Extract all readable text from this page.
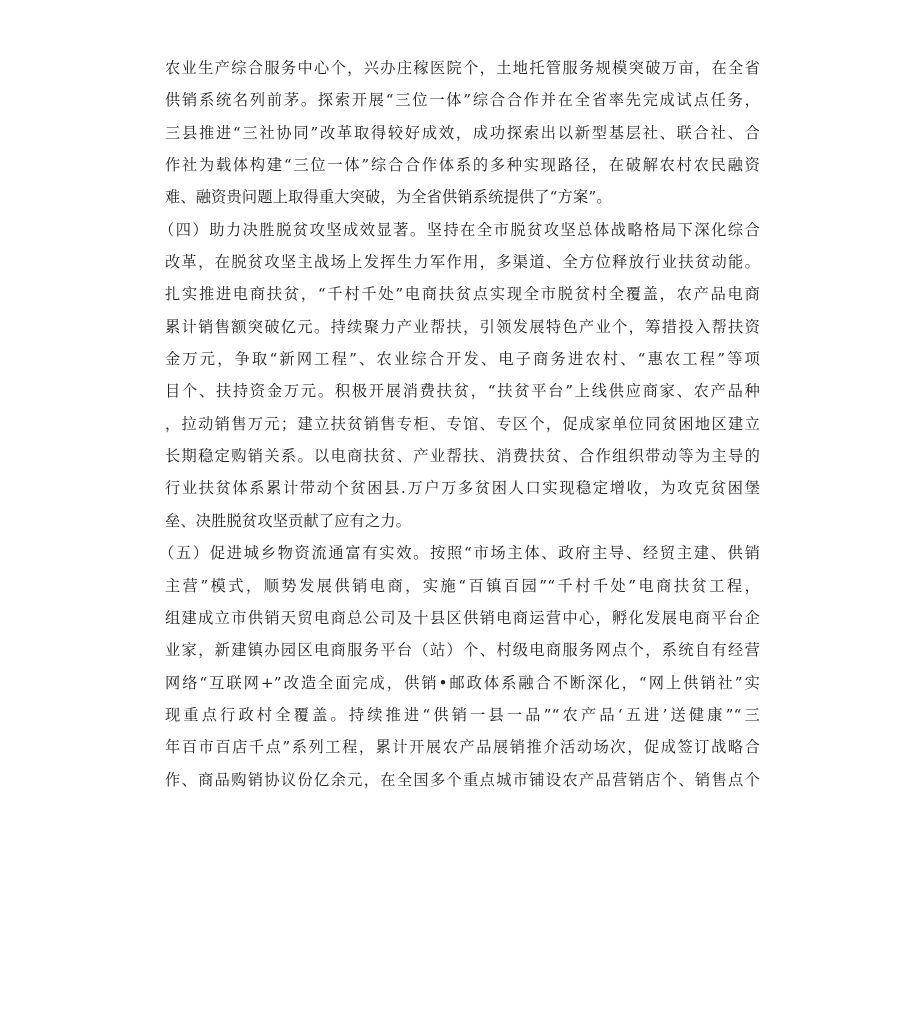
农业生产综合服务中心个，兴办庄稼医院个，土地托管服务规模突破万亩，在全省
供销系统名列前茅。探索开展“三位一体”综合合作并在全省率先完成试点任务，
三县推进“三社协同”改革取得较好成效，成功探索出以新型基层社、联合社、合
作社为载体构建“三位一体”综合合作体系的多种实现路径，在破解农村农民融资
难、融资贵问题上取得重大突破，为全省供销系统提供了“方案”。
（四）助力决胜脱贫攻坚成效显著。坚持在全市脱贫攻坚总体战略格局下深化综合
改革，在脱贫攻坚主战场上发挥生力军作用，多渠道、全方位释放行业扶贫动能。
扎实推进电商扶贫，“千村千处”电商扶贫点实现全市脱贫村全覆盖，农产品电商
累计销售额突破亿元。持续聚力产业帮扶，引领发展特色产业个，筹措投入帮扶资
金万元，争取“新网工程”、农业综合开发、电子商务进农村、“惠农工程”等项
目个、扶持资金万元。积极开展消费扶贫，“扶贫平台”上线供应商家、农产品种
，拉动销售万元；建立扶贫销售专柜、专馆、专区个，促成家单位同贫困地区建立
长期稳定购销关系。以电商扶贫、产业帮扶、消费扶贫、合作组织带动等为主导的
行业扶贫体系累计带动个贫困县.万户万多贫困人口实现稳定增收，为攻克贫困堡
垒、决胜脱贫攻坚贡献了应有之力。
（五）促进城乡物资流通富有实效。按照“市场主体、政府主导、经贸主建、供销
主营”模式，顺势发展供销电商，实施“百镇百园”“千村千处”电商扶贫工程，
组建成立市供销天贸电商总公司及十县区供销电商运营中心，孵化发展电商平台企
业家，新建镇办园区电商服务平台（站）个、村级电商服务网点个，系统自有经营
网络“互联网+”改造全面完成，供销•邮政体系融合不断深化，“网上供销社”实
现重点行政村全覆盖。持续推进“供销一县一品”“农产品‘五进’送健康”“三
年百市百店千点”系列工程，累计开展农产品展销推介活动场次，促成签订战略合
作、商品购销协议份亿余元，在全国多个重点城市铺设农产品营销店个、销售点个
